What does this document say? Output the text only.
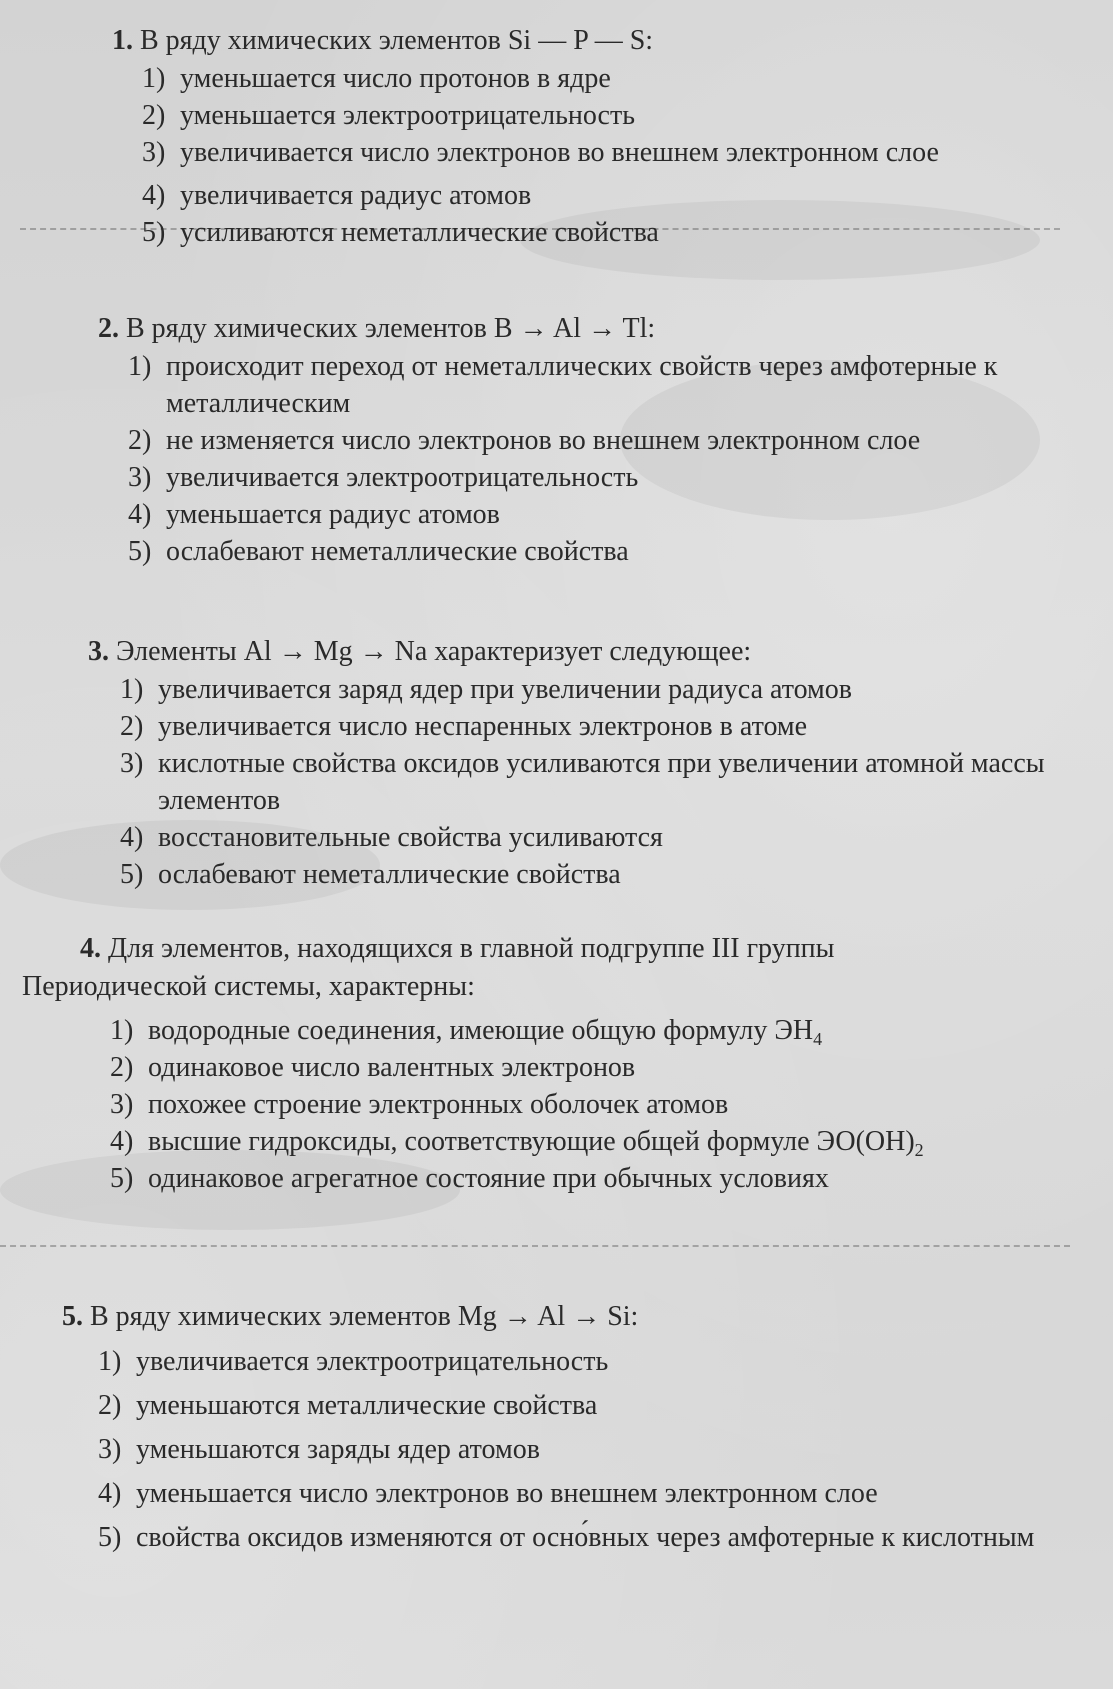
1. В ряду химических элементов Si — P — S:
1) уменьшается число протонов в ядре
2) уменьшается электроотрицательность
3) увеличивается число электронов во внешнем электронном слое
4) увеличивается радиус атомов
5) усиливаются неметаллические свойства
2. В ряду химических элементов B → Al → Tl:
1) происходит переход от неметаллических свойств через амфотерные к металлическим
2) не изменяется число электронов во внешнем электронном слое
3) увеличивается электроотрицательность
4) уменьшается радиус атомов
5) ослабевают неметаллические свойства
3. Элементы Al → Mg → Na характеризует следующее:
1) увеличивается заряд ядер при увеличении радиуса атомов
2) увеличивается число неспаренных электронов в атоме
3) кислотные свойства оксидов усиливаются при увеличении атомной массы элементов
4) восстановительные свойства усиливаются
5) ослабевают неметаллические свойства
4. Для элементов, находящихся в главной подгруппе III группы
Периодической системы, характерны:
1) водородные соединения, имеющие общую формулу $ЭН_4$
2) одинаковое число валентных электронов
3) похожее строение электронных оболочек атомов
4) высшие гидроксиды, соответствующие общей формуле $ЭО(ОН)_2$
5) одинаковое агрегатное состояние при обычных условиях
5. В ряду химических элементов Mg → Al → Si:
1) увеличивается электроотрицательность
2) уменьшаются металлические свойства
3) уменьшаются заряды ядер атомов
4) уменьшается число электронов во внешнем электронном слое
5) свойства оксидов изменяются от осно́вных через амфотерные к кислотным
